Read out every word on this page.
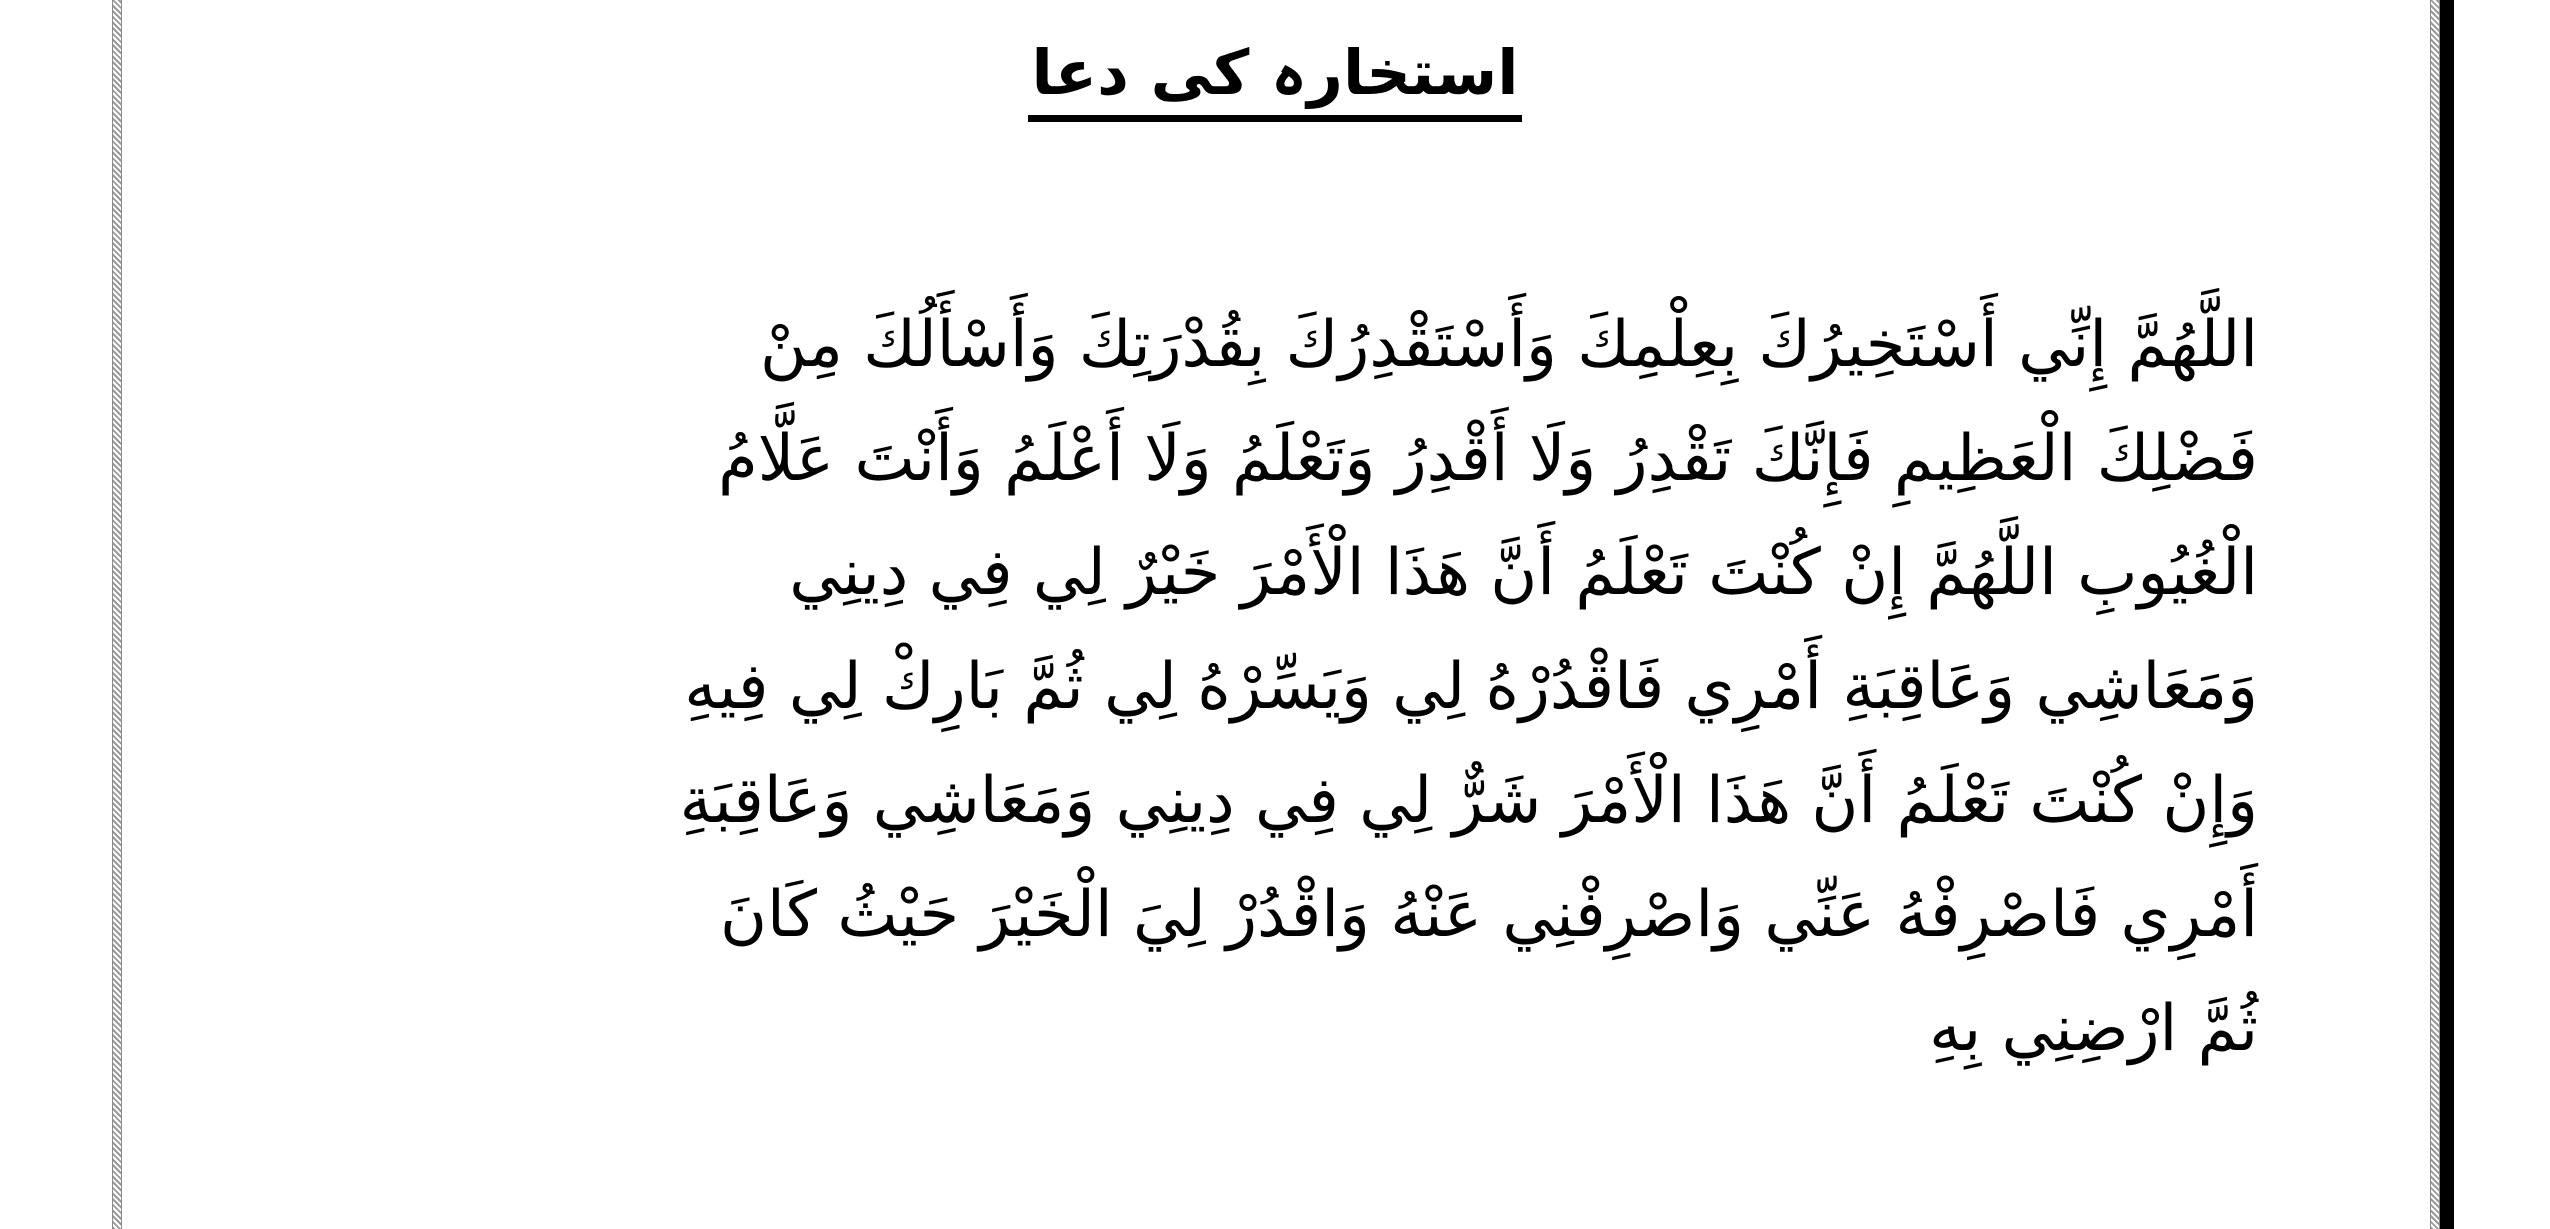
استخارہ کی دعا
اللَّهُمَّ إِنِّي أَسْتَخِيرُكَ بِعِلْمِكَ وَأَسْتَقْدِرُكَ بِقُدْرَتِكَ وَأَسْأَلُكَ مِنْ
فَضْلِكَ الْعَظِيمِ فَإِنَّكَ تَقْدِرُ وَلَا أَقْدِرُ وَتَعْلَمُ وَلَا أَعْلَمُ وَأَنْتَ عَلَّامُ
الْغُيُوبِ اللَّهُمَّ إِنْ كُنْتَ تَعْلَمُ أَنَّ هَذَا الْأَمْرَ خَيْرٌ لِي فِي دِينِي
وَمَعَاشِي وَعَاقِبَةِ أَمْرِي فَاقْدُرْهُ لِي وَيَسِّرْهُ لِي ثُمَّ بَارِكْ لِي فِيهِ
وَإِنْ كُنْتَ تَعْلَمُ أَنَّ هَذَا الْأَمْرَ شَرٌّ لِي فِي دِينِي وَمَعَاشِي وَعَاقِبَةِ
أَمْرِي فَاصْرِفْهُ عَنِّي وَاصْرِفْنِي عَنْهُ وَاقْدُرْ لِيَ الْخَيْرَ حَيْثُ كَانَ
ثُمَّ ارْضِنِي بِهِ
